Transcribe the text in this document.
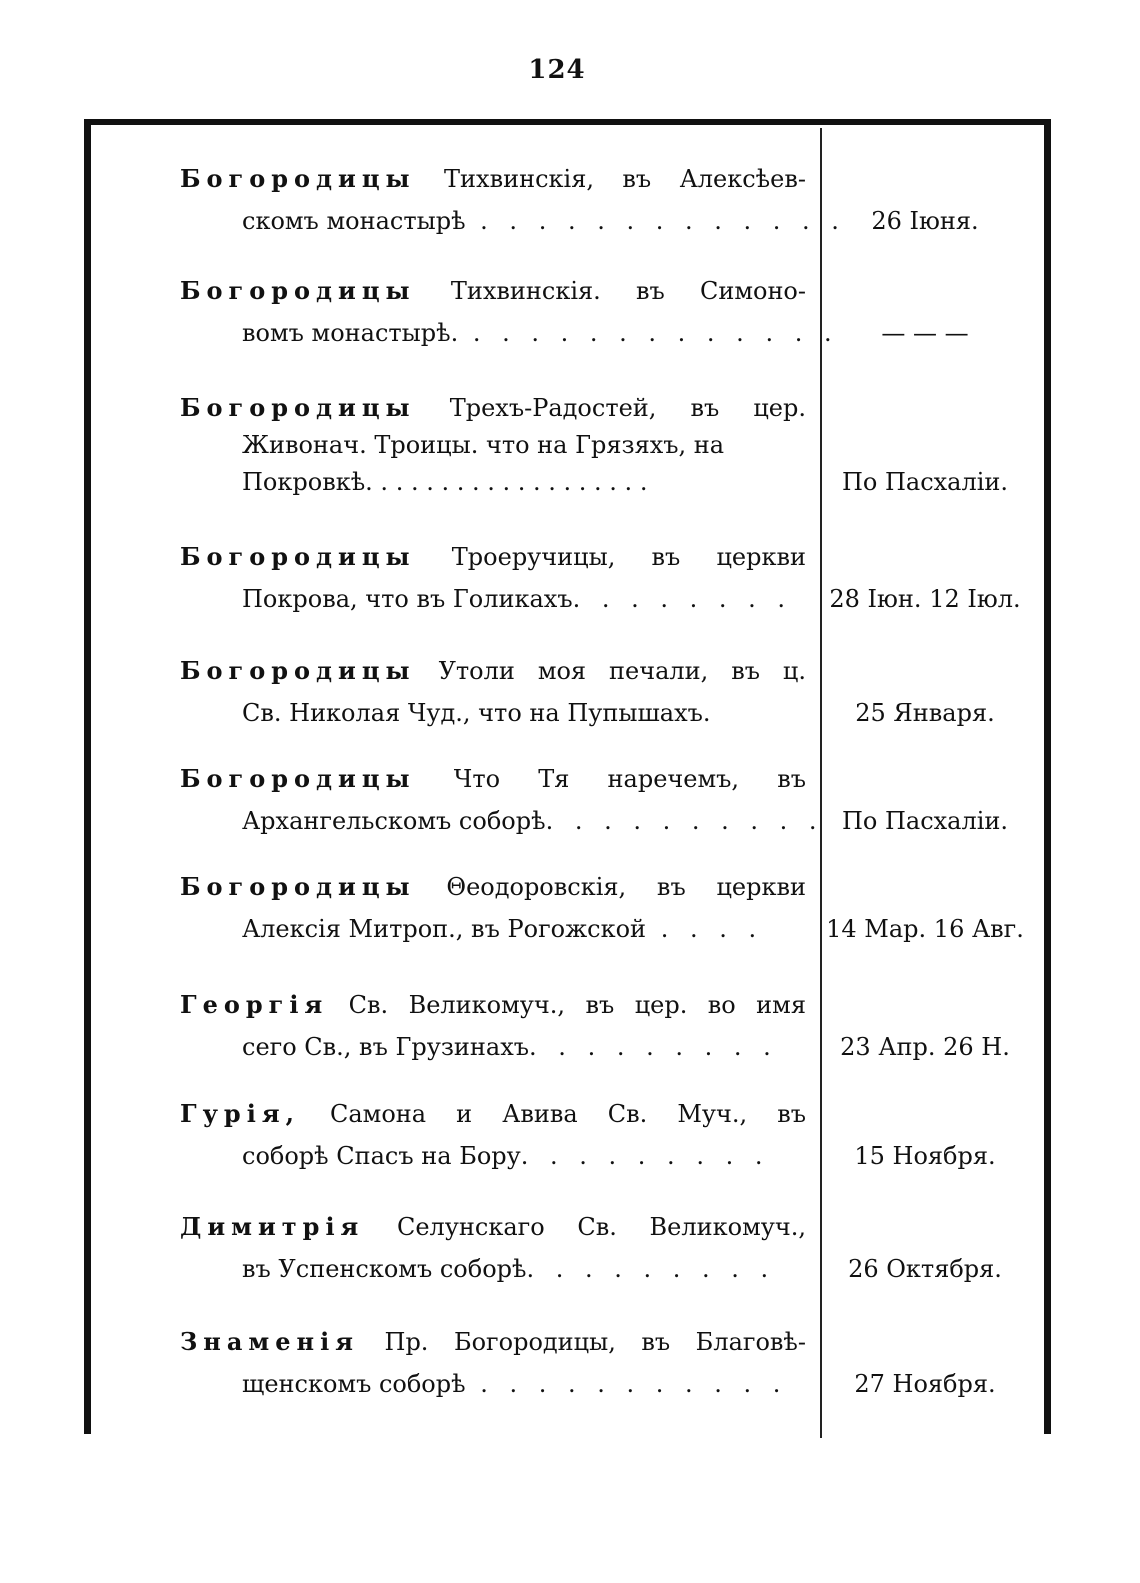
124
Богородицы Тихвинскія, въ Алексѣев-
скомъ монастырѣ . . . . . . . . . . . . .	26 Іюня.
Богородицы Тихвинскія. въ Симоно-
вомъ монастырѣ. . . . . . . . . . . . . .	— — —
Богородицы Трехъ-Радостей, въ цер.
Живонач. Троицы. что на Грязяхъ, на
Покровкѣ. . . . . . . . . . . . . . . . . . .	По Пасхаліи.
Богородицы Троеручицы, въ церкви
Покрова, что въ Голикахъ. . . . . . . .	28 Іюн. 12 Іюл.
Богородицы Утоли моя печали, въ ц.
Св. Николая Чуд., что на Пупышахъ.	25 Января.
Богородицы Что Тя наречемъ, въ
Архангельскомъ соборѣ. . . . . . . . . . По Пасхаліи.
Богородицы Θеодоровскія, въ церкви
Алексія Митроп., въ Рогожской . . . .	14 Мар. 16 Авг.
Георгія Св. Великомуч., въ цер. во имя
сего Св., въ Грузинахъ. . . . . . . . .	23 Апр. 26 Н.
Гурія, Самона и Авива Св. Муч., въ
соборѣ Спасъ на Бору. . . . . . . . .	15 Ноября.
Димитрія Селунскаго Св. Великомуч.,
въ Успенскомъ соборѣ. . . . . . . . .	26 Октября.
Знаменія Пр. Богородицы, въ Благовѣ-
щенскомъ соборѣ . . . . . . . . . . .	27 Ноября.
